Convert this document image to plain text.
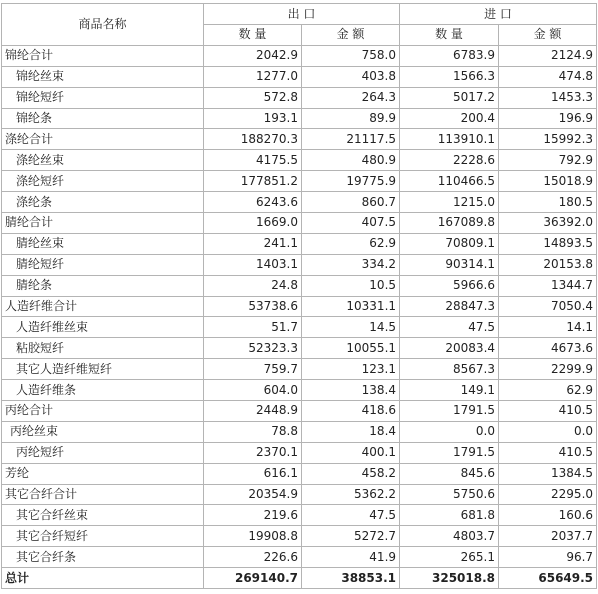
商品名称	出 口		进 口	
	数 量	金 额	数 量	金 额
锦纶合计	2042.9	758.0	6783.9	2124.9
锦纶丝束	1277.0	403.8	1566.3	474.8
锦纶短纤	572.8	264.3	5017.2	1453.3
锦纶条	193.1	89.9	200.4	196.9
涤纶合计	188270.3	21117.5	113910.1	15992.3
涤纶丝束	4175.5	480.9	2228.6	792.9
涤纶短纤	177851.2	19775.9	110466.5	15018.9
涤纶条	6243.6	860.7	1215.0	180.5
腈纶合计	1669.0	407.5	167089.8	36392.0
腈纶丝束	241.1	62.9	70809.1	14893.5
腈纶短纤	1403.1	334.2	90314.1	20153.8
腈纶条	24.8	10.5	5966.6	1344.7
人造纤维合计	53738.6	10331.1	28847.3	7050.4
人造纤维丝束	51.7	14.5	47.5	14.1
粘胶短纤	52323.3	10055.1	20083.4	4673.6
其它人造纤维短纤	759.7	123.1	8567.3	2299.9
人造纤维条	604.0	138.4	149.1	62.9
丙纶合计	2448.9	418.6	1791.5	410.5
丙纶丝束	78.8	18.4	0.0	0.0
丙纶短纤	2370.1	400.1	1791.5	410.5
芳纶	616.1	458.2	845.6	1384.5
其它合纤合计	20354.9	5362.2	5750.6	2295.0
其它合纤丝束	219.6	47.5	681.8	160.6
其它合纤短纤	19908.8	5272.7	4803.7	2037.7
其它合纤条	226.6	41.9	265.1	96.7
总计	269140.7	38853.1	325018.8	65649.5
